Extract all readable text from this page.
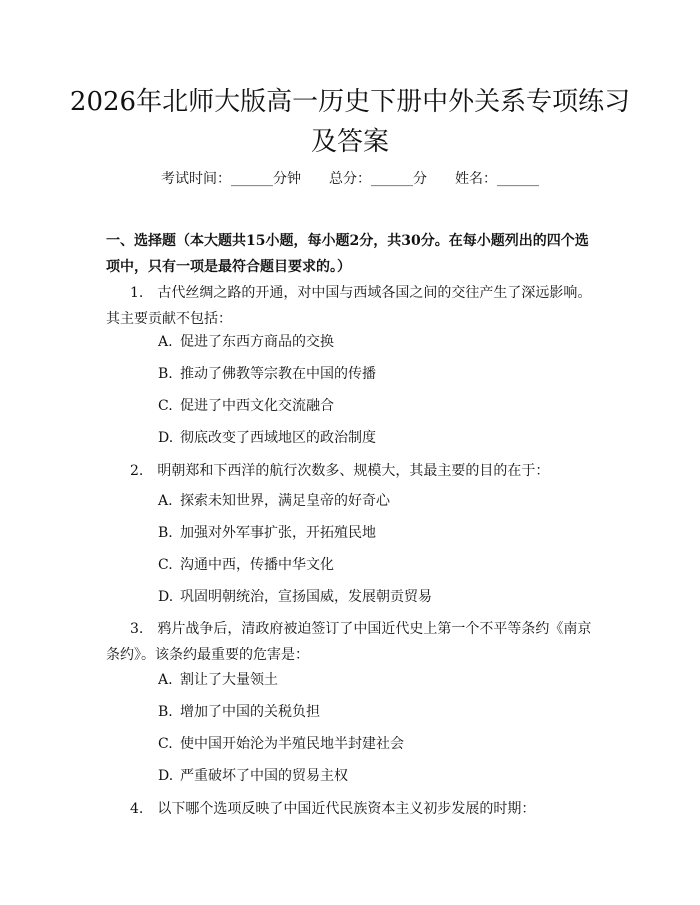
2026年北师大版高一历史下册中外关系专项练习及答案
考试时间：______分钟 总分：______分 姓名：______
一、选择题（本大题共15小题，每小题2分，共30分。在每小题列出的四个选项中，只有一项是最符合题目要求的。）
1.　古代丝绸之路的开通，对中国与西域各国之间的交往产生了深远影响。其主要贡献不包括：
A. 促进了东西方商品的交换
B. 推动了佛教等宗教在中国的传播
C. 促进了中西文化交流融合
D. 彻底改变了西域地区的政治制度
2.　明朝郑和下西洋的航行次数多、规模大，其最主要的目的在于：
A. 探索未知世界，满足皇帝的好奇心
B. 加强对外军事扩张，开拓殖民地
C. 沟通中西，传播中华文化
D. 巩固明朝统治，宣扬国威，发展朝贡贸易
3.　鸦片战争后，清政府被迫签订了中国近代史上第一个不平等条约《南京条约》。该条约最重要的危害是：
A. 割让了大量领土
B. 增加了中国的关税负担
C. 使中国开始沦为半殖民地半封建社会
D. 严重破坏了中国的贸易主权
4.　以下哪个选项反映了中国近代民族资本主义初步发展的时期：
